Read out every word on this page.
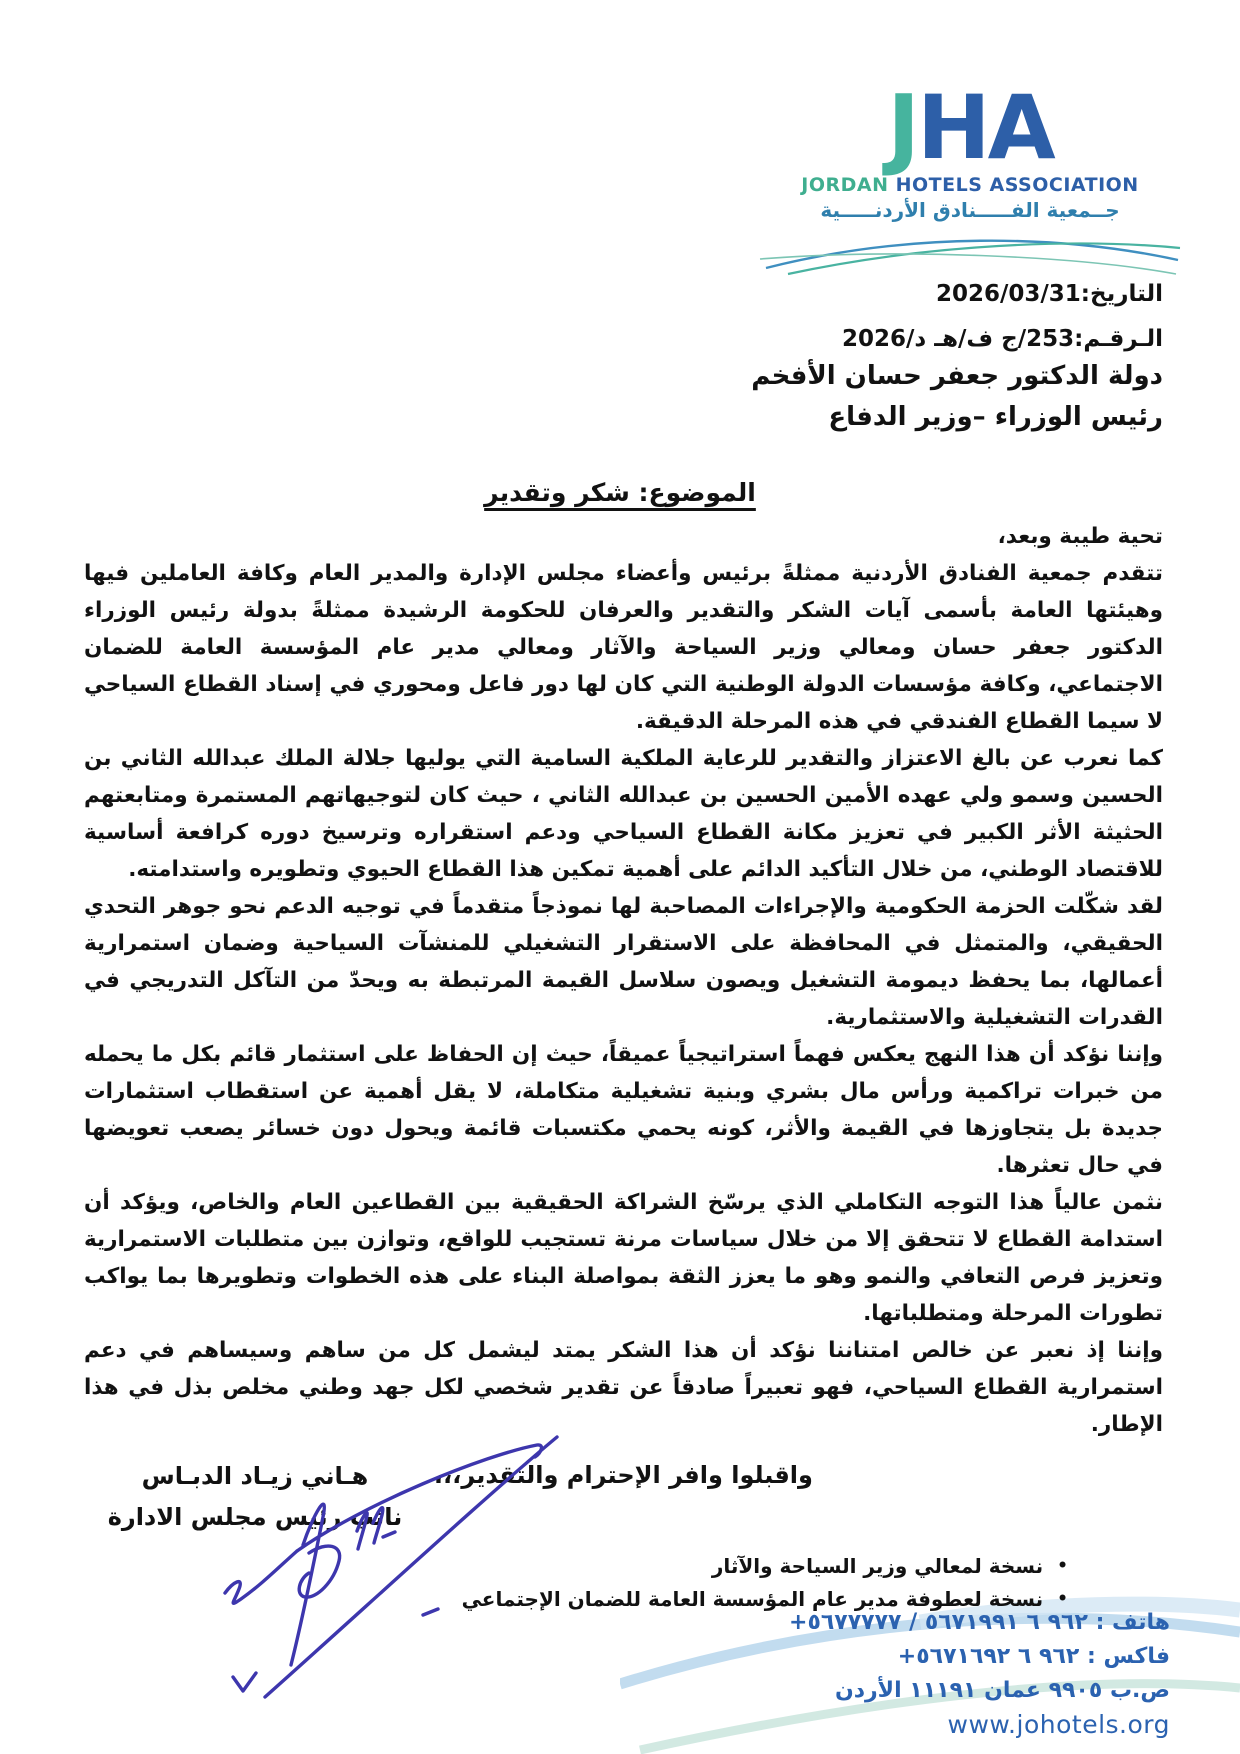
JHA
JORDAN HOTELS ASSOCIATION
جــمعية الفـــــنادق الأردنـــــية
التاريخ:2026/03/31
الـرقـم:253/ج ف/هـ د/2026
دولة الدكتور جعفر حسان الأفخم
رئيس الوزراء –وزير الدفاع
الموضوع: شكر وتقدير

تحية طيبة وبعد،

تتقدم جمعية الفنادق الأردنية ممثلةً برئيس وأعضاء مجلس الإدارة والمدير العام وكافة العاملين فيها وهيئتها العامة بأسمى آيات الشكر والتقدير والعرفان للحكومة الرشيدة ممثلةً بدولة رئيس الوزراء الدكتور جعفر حسان ومعالي وزير السياحة والآثار ومعالي مدير عام المؤسسة العامة للضمان الاجتماعي، وكافة مؤسسات الدولة الوطنية التي كان لها دور فاعل ومحوري في إسناد القطاع السياحي لا سيما القطاع الفندقي في هذه المرحلة الدقيقة.

كما نعرب عن بالغ الاعتزاز والتقدير للرعاية الملكية السامية التي يوليها جلالة الملك عبدالله الثاني بن الحسين وسمو ولي عهده الأمين الحسين بن عبدالله الثاني ، حيث كان لتوجيهاتهم المستمرة ومتابعتهم الحثيثة الأثر الكبير في تعزيز مكانة القطاع السياحي ودعم استقراره وترسيخ دوره كرافعة أساسية للاقتصاد الوطني، من خلال التأكيد الدائم على أهمية تمكين هذا القطاع الحيوي وتطويره واستدامته.

لقد شكّلت الحزمة الحكومية والإجراءات المصاحبة لها نموذجاً متقدماً في توجيه الدعم نحو جوهر التحدي الحقيقي، والمتمثل في المحافظة على الاستقرار التشغيلي للمنشآت السياحية وضمان استمرارية أعمالها، بما يحفظ ديمومة التشغيل ويصون سلاسل القيمة المرتبطة به ويحدّ من التآكل التدريجي في القدرات التشغيلية والاستثمارية.

وإننا نؤكد أن هذا النهج يعكس فهماً استراتيجياً عميقاً، حيث إن الحفاظ على استثمار قائم بكل ما يحمله من خبرات تراكمية ورأس مال بشري وبنية تشغيلية متكاملة، لا يقل أهمية عن استقطاب استثمارات جديدة بل يتجاوزها في القيمة والأثر، كونه يحمي مكتسبات قائمة ويحول دون خسائر يصعب تعويضها في حال تعثرها.

نثمن عالياً هذا التوجه التكاملي الذي يرسّخ الشراكة الحقيقية بين القطاعين العام والخاص، ويؤكد أن استدامة القطاع لا تتحقق إلا من خلال سياسات مرنة تستجيب للواقع، وتوازن بين متطلبات الاستمرارية وتعزيز فرص التعافي والنمو وهو ما يعزز الثقة بمواصلة البناء على هذه الخطوات وتطويرها بما يواكب تطورات المرحلة ومتطلباتها.

وإننا إذ نعبر عن خالص امتناننا نؤكد أن هذا الشكر يمتد ليشمل كل من ساهم وسيساهم في دعم استمرارية القطاع السياحي، فهو تعبيراً صادقاً عن تقدير شخصي لكل جهد وطني مخلص بذل في هذا الإطار.

واقبلوا وافر الإحترام والتقدير،،،

هـاني زيـاد الدبـاس
نائب رئيس مجلس الادارة
•نسخة لمعالي وزير السياحة والآثار
•نسخة لعطوفة مدير عام المؤسسة العامة للضمان الإجتماعي
هاتف : +٩٦٢ ٦ ٥٦٧١٩٩١ / ٥٦٧٧٧٧٧
فاكس : +٩٦٢ ٦ ٥٦٧١٦٩٢
ص.ب ٩٩٠٥ عمان ١١١٩١ الأردن
www.johotels.org
